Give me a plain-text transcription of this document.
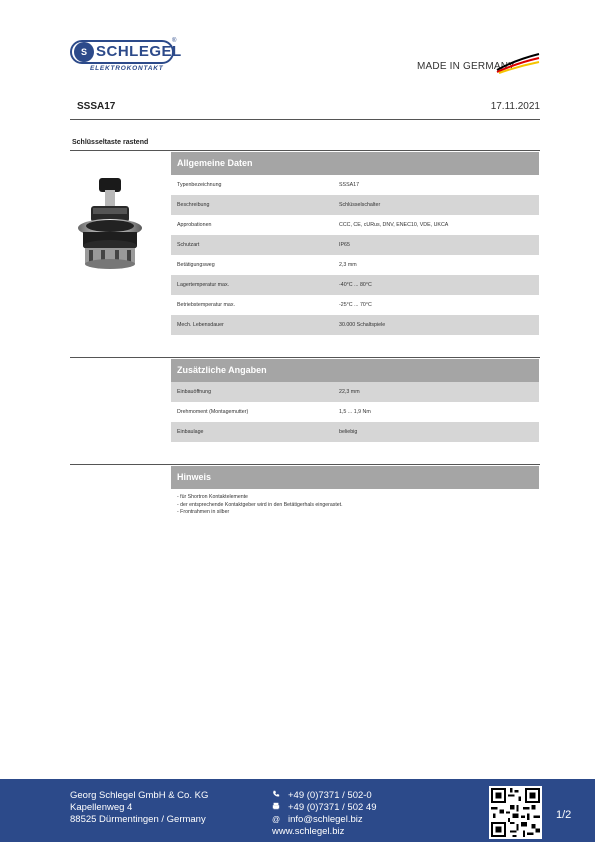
S SCHLEGEL
®
ELEKTROKONTAKT	MADE IN GERMANY
SSSA17	17.11.2021
Schlüsseltaste rastend
Allgemeine Daten
Typenbezeichnung	SSSA17
Beschreibung	Schlüsselschalter
Approbationen	CCC, CE, cURus, DNV, ENEC10, VDE, UKCA
Schutzart	IP65
Betätigungsweg	2,3 mm
Lagertemperatur max.	-40°C ... 80°C
Betriebstemperatur max.	-25°C ... 70°C
Mech. Lebensdauer	30.000 Schaltspiele
Zusätzliche Angaben
Einbauöffnung	22,3 mm
Drehmoment (Montagemutter)	1,5 ... 1,9 Nm
Einbaulage	beliebig
Hinweis
- für Shortron Kontaktelemente
- der entsprechende Kontaktgeber wird in den Betätigerhals eingerastet.
- Frontrahmen in silber
Georg Schlegel GmbH & Co. KG
Kapellenweg 4
88525 Dürmentingen / Germany
+49 (0)7371 / 502-0
+49 (0)7371 / 502 49
@ info@schlegel.biz
www.schlegel.biz
1/2
